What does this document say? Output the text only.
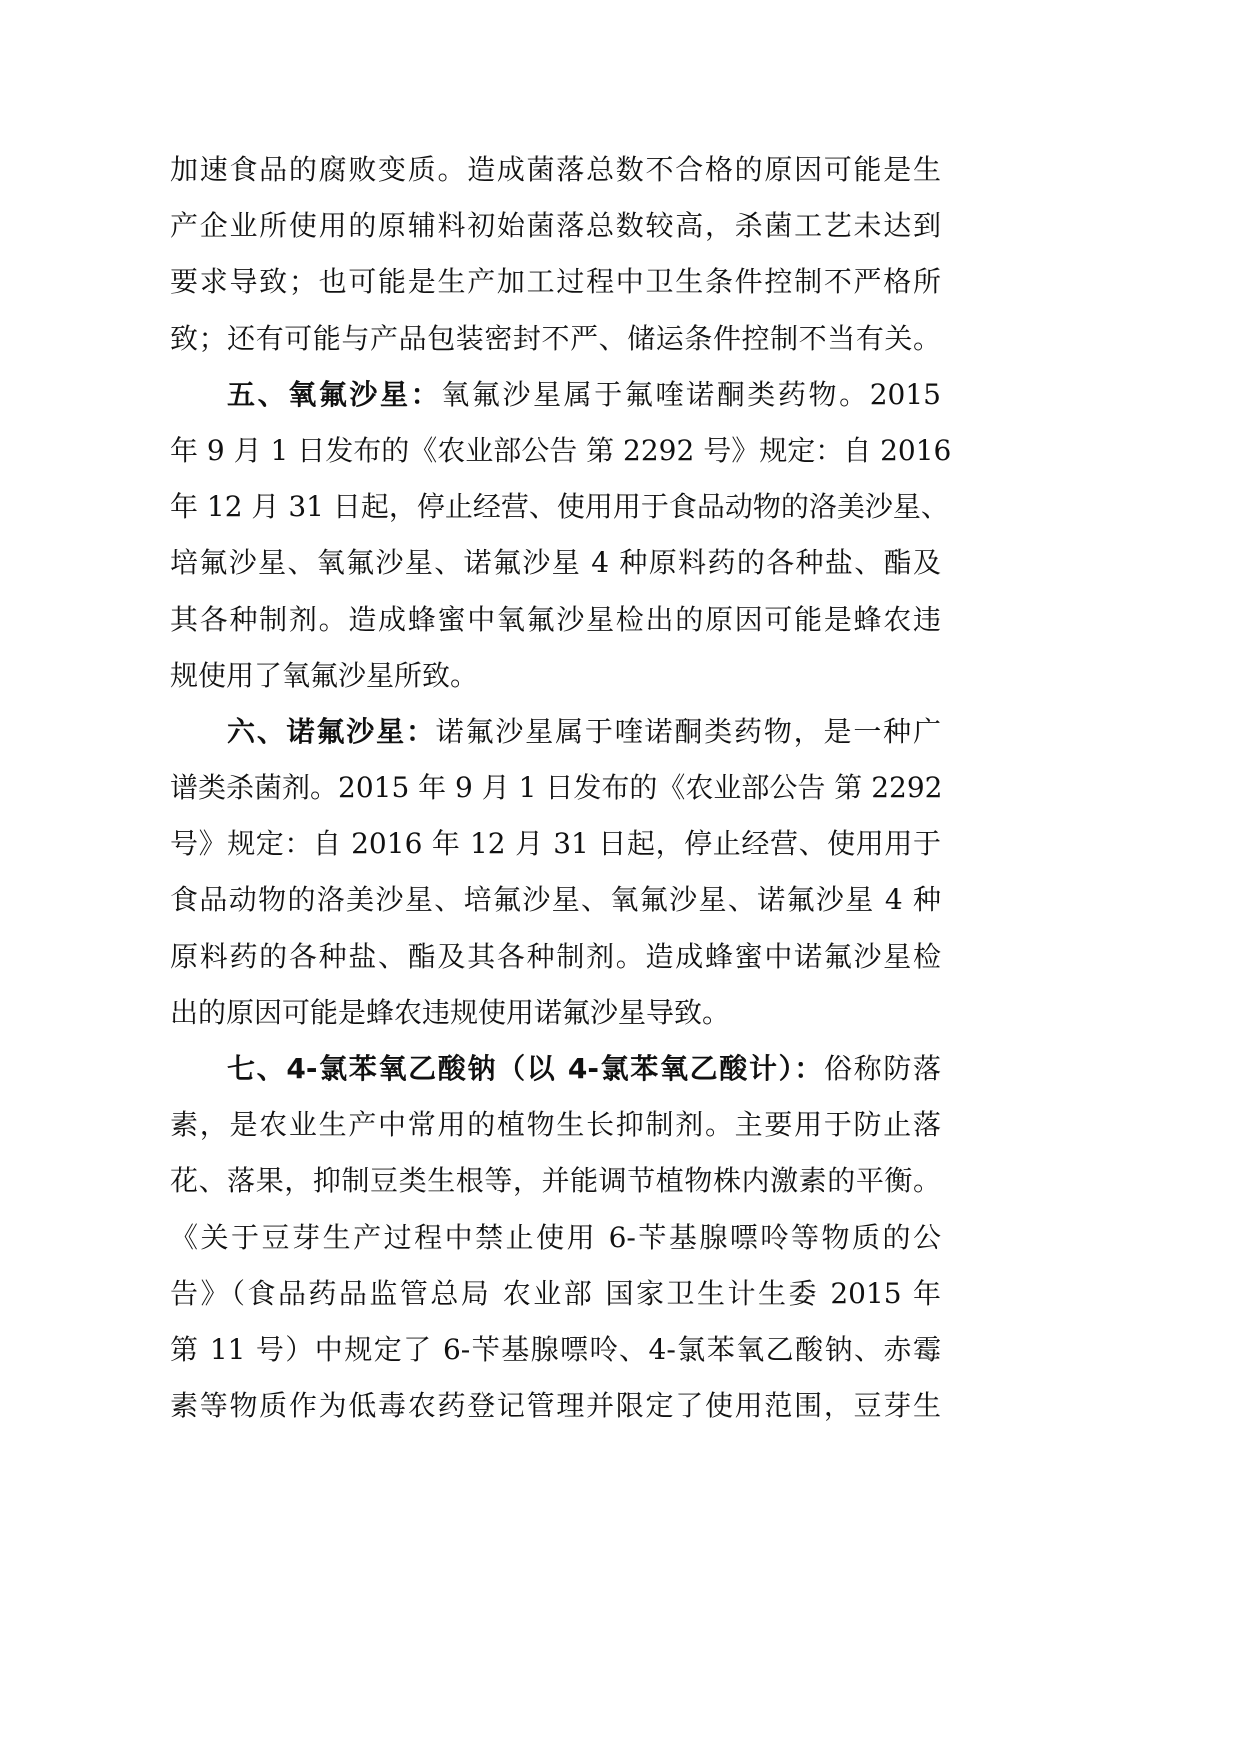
加速食品的腐败变质。造成菌落总数不合格的原因可能是生
产企业所使用的原辅料初始菌落总数较高，杀菌工艺未达到
要求导致；也可能是生产加工过程中卫生条件控制不严格所
致；还有可能与产品包装密封不严、储运条件控制不当有关。
五、氧氟沙星：氧氟沙星属于氟喹诺酮类药物。2015
年 9 月 1 日发布的《农业部公告 第 2292 号》规定：自 2016
年 12 月 31 日起，停止经营、使用用于食品动物的洛美沙星、
培氟沙星、氧氟沙星、诺氟沙星 4 种原料药的各种盐、酯及
其各种制剂。造成蜂蜜中氧氟沙星检出的原因可能是蜂农违
规使用了氧氟沙星所致。
六、诺氟沙星：诺氟沙星属于喹诺酮类药物，是一种广
谱类杀菌剂。2015 年 9 月 1 日发布的《农业部公告 第 2292
号》规定：自 2016 年 12 月 31 日起，停止经营、使用用于
食品动物的洛美沙星、培氟沙星、氧氟沙星、诺氟沙星 4 种
原料药的各种盐、酯及其各种制剂。造成蜂蜜中诺氟沙星检
出的原因可能是蜂农违规使用诺氟沙星导致。
七、4-氯苯氧乙酸钠（以 4-氯苯氧乙酸计）：俗称防落
素，是农业生产中常用的植物生长抑制剂。主要用于防止落
花、落果，抑制豆类生根等，并能调节植物株内激素的平衡。
《关于豆芽生产过程中禁止使用 6-苄基腺嘌呤等物质的公
告》（食品药品监管总局 农业部 国家卫生计生委 2015 年
第 11 号）中规定了 6-苄基腺嘌呤、4-氯苯氧乙酸钠、赤霉
素等物质作为低毒农药登记管理并限定了使用范围，豆芽生
